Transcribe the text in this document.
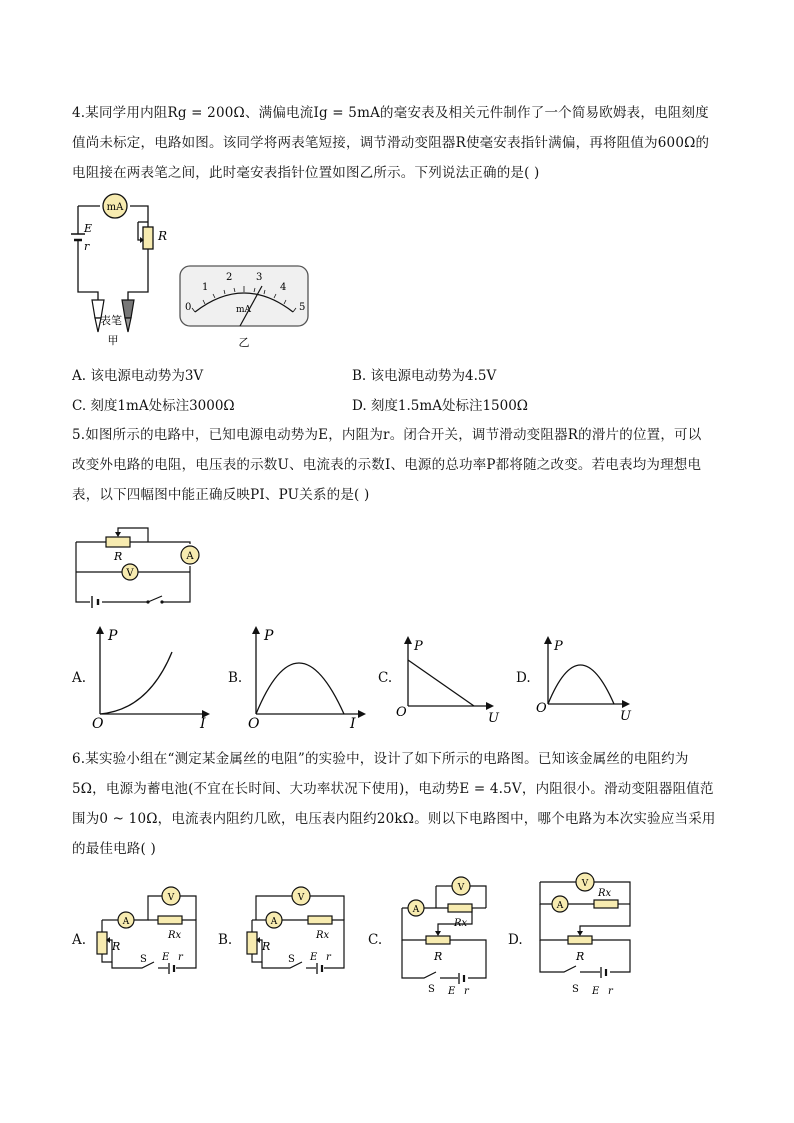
4.某同学用内阻Rg = 200Ω、满偏电流Ig = 5mA的毫安表及相关元件制作了一个简易欧姆表，电阻刻度
值尚未标定，电路如图。该同学将两表笔短接，调节滑动变阻器R使毫安表指针满偏，再将阻值为600Ω的
电阻接在两表笔之间，此时毫安表指针位置如图乙所示。下列说法正确的是( )
mA
R
E
r
表笔
甲
0
1
2 3
4
5
mA
乙
A. 该电源电动势为3V	B. 该电源电动势为4.5V
C. 刻度1mA处标注3000Ω	D. 刻度1.5mA处标注1500Ω
5.如图所示的电路中，已知电源电动势为E，内阻为r。闭合开关，调节滑动变阻器R的滑片的位置，可以
改变外电路的电阻，电压表的示数U、电流表的示数I、电源的总功率P都将随之改变。若电表均为理想电
表，以下四幅图中能正确反映PI、PU关系的是( )
R	A
V
A.
P
I
O
B.
P
I
O
C.
P
U
O
D.
P
U
O
6.某实验小组在“测定某金属丝的电阻”的实验中，设计了如下所示的电路图。已知该金属丝的电阻约为
5Ω，电源为蓄电池(不宜在长时间、大功率状况下使用)，电动势E = 4.5V，内阻很小。滑动变阻器阻值范
围为0 ~ 10Ω，电流表内阻约几欧，电压表内阻约20kΩ。则以下电路图中，哪个电路为本次实验应当采用
的最佳电路( )
A.
A
V
Rx
R
S E r
B.
A
V
Rx
R
S E r
C.
A
V
Rx
R
S E r
D.
A
V
Rx
R
S E r
